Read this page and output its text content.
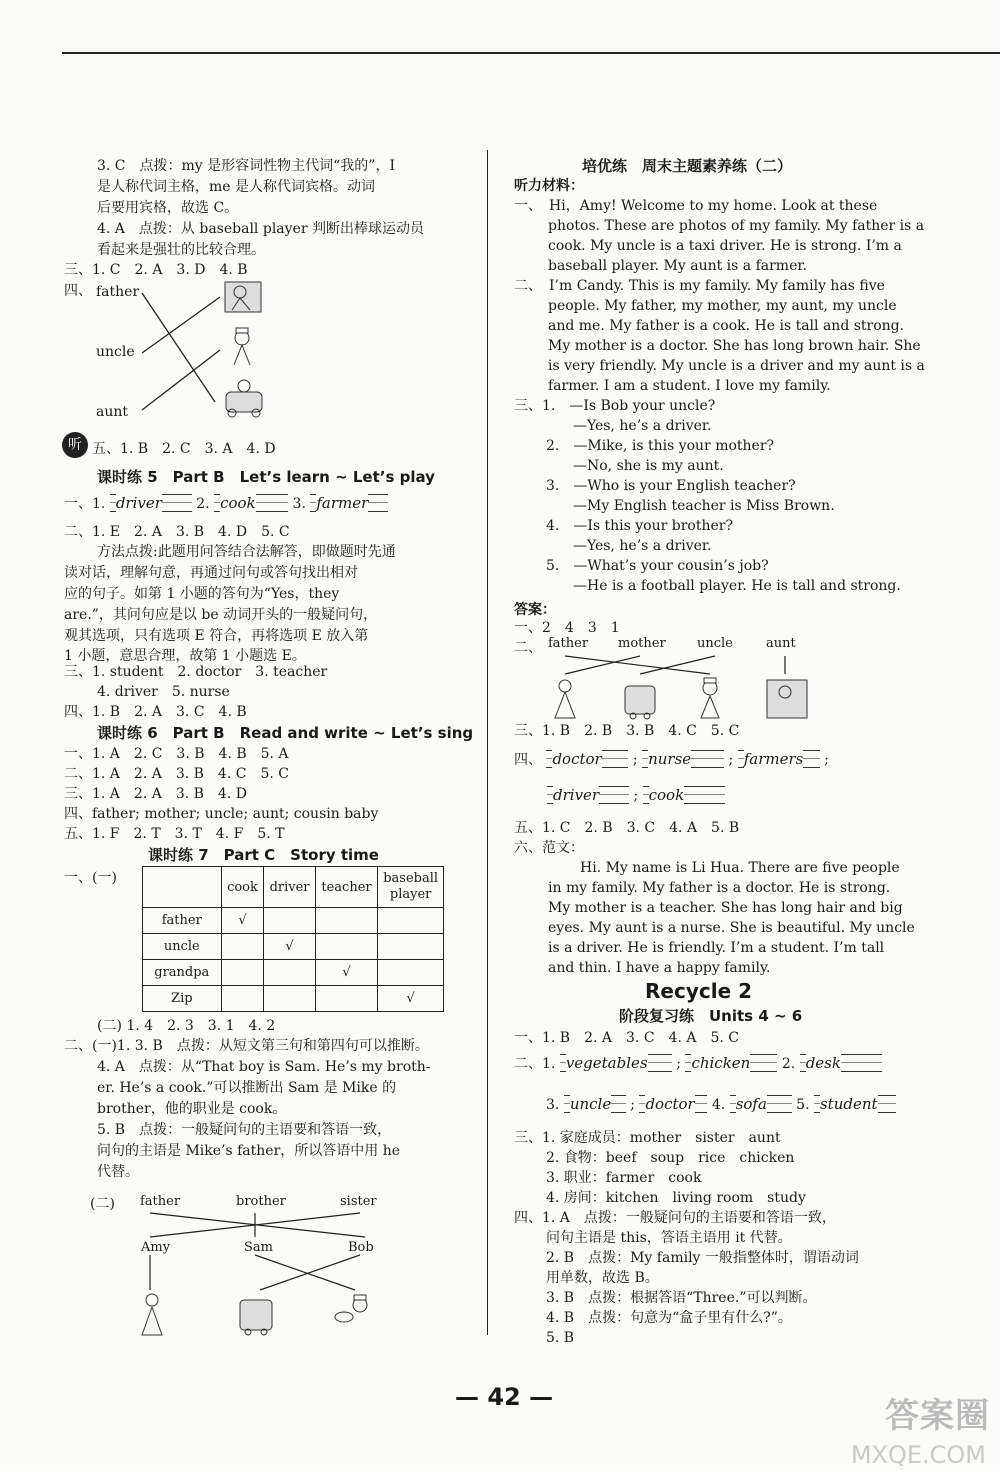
3. C　点拨：my 是形容词性物主代词“我的”，I
是人称代词主格，me 是人称代词宾格。动词
后要用宾格，故选 C。
4. A　点拨：从 baseball player 判断出棒球运动员
看起来是强壮的比较合理。
三、1. C　2. A　3. D　4. B
四、 father
uncle
aunt
听 五、1. B　2. C　3. A　4. D
课时练 5　Part B　Let’s learn ~ Let’s play
一、1. driver 2. cook	3. farmer
二、1. E　2. A　3. B　4. D　5. C
方法点拨:此题用问答结合法解答，即做题时先通
读对话，理解句意，再通过问句或答句找出相对
应的句子。如第 1 小题的答句为“Yes，they
are.”，其问句应是以 be 动词开头的一般疑问句，
观其选项，只有选项 E 符合，再将选项 E 放入第
1 小题，意思合理，故第 1 小题选 E。
三、1. student　2. doctor　3. teacher
4. driver　5. nurse
四、1. B　2. A　3. C　4. B
课时练 6　Part B　Read and write ~ Let’s sing
一、1. A　2. C　3. B　4. B　5. A
二、1. A　2. A　3. B　4. C　5. C
三、1. A　2. A　3. B　4. D
四、father; mother; uncle; aunt; cousin baby
五、1. F　2. T　3. T　4. F　5. T
课时练 7　Part C　Story time
一、(一)
	cook	driver	teacher	baseball player
father	√			
uncle		√		
grandpa			√	
Zip				√
(二) 1. 4　2. 3　3. 1　4. 2
二、(一)1. 3. B　点拨：从短文第三句和第四句可以推断。
4. A　点拨：从“That boy is Sam. He’s my broth-
er. He’s a cook.”可以推断出 Sam 是 Mike 的
brother，他的职业是 cook。
5. B　点拨：一般疑问句的主语要和答语一致，
问句的主语是 Mike’s father，所以答语中用 he
代替。
(二) father	brother	sister
Amy	Sam	Bob
培优练　周末主题素养练（二）
听力材料：
一、　Hi，Amy! Welcome to my home. Look at these
photos. These are photos of my family. My father is a
cook. My uncle is a taxi driver. He is strong. I’m a
baseball player. My aunt is a farmer.
二、　I’m Candy. This is my family. My family has five
people. My father, my mother, my aunt, my uncle
and me. My father is a cook. He is tall and strong.
My mother is a doctor. She has long brown hair. She
is very friendly. My uncle is a driver and my aunt is a
farmer. I am a student. I love my family.
三、1.　—Is Bob your uncle?
—Yes, he’s a driver.
2.　—Mike, is this your mother?
—No, she is my aunt.
3.　—Who is your English teacher?
—My English teacher is Miss Brown.
4.　—Is this your brother?
—Yes, he’s a driver.
5.　—What’s your cousin’s job?
—He is a football player. He is tall and strong.
答案：
一、2　4　3　1
二、 father mother uncle	aunt
三、1. B　2. B　3. B　4. C　5. C
四、 doctor ; nurse ; farmers ;
driver ; cook
五、1. C　2. B　3. C　4. A　5. B
六、范文：
Hi. My name is Li Hua. There are five people
in my family. My father is a doctor. He is strong.
My mother is a teacher. She has long hair and big
eyes. My aunt is a nurse. She is beautiful. My uncle
is a driver. He is friendly. I’m a student. I’m tall
and thin. I have a happy family.
Recycle 2
阶段复习练　Units 4 ~ 6
一、1. B　2. A　3. C　4. A　5. C
二、1. vegetables ; chicken 2. desk
3. uncle ; doctor 4. sofa 5. student
三、1. 家庭成员：mother　sister　aunt
2. 食物：beef　soup　rice　chicken
3. 职业：farmer　cook
4. 房间：kitchen　living room　study
四、1. A　点拨：一般疑问句的主语要和答语一致，
问句主语是 this，答语主语用 it 代替。
2. B　点拨：My family 一般指整体时，谓语动词
用单数，故选 B。
3. B　点拨：根据答语“Three.”可以判断。
4. B　点拨：句意为“盒子里有什么?”。
5. B
— 42 —	答案圈
MXQE.COM
